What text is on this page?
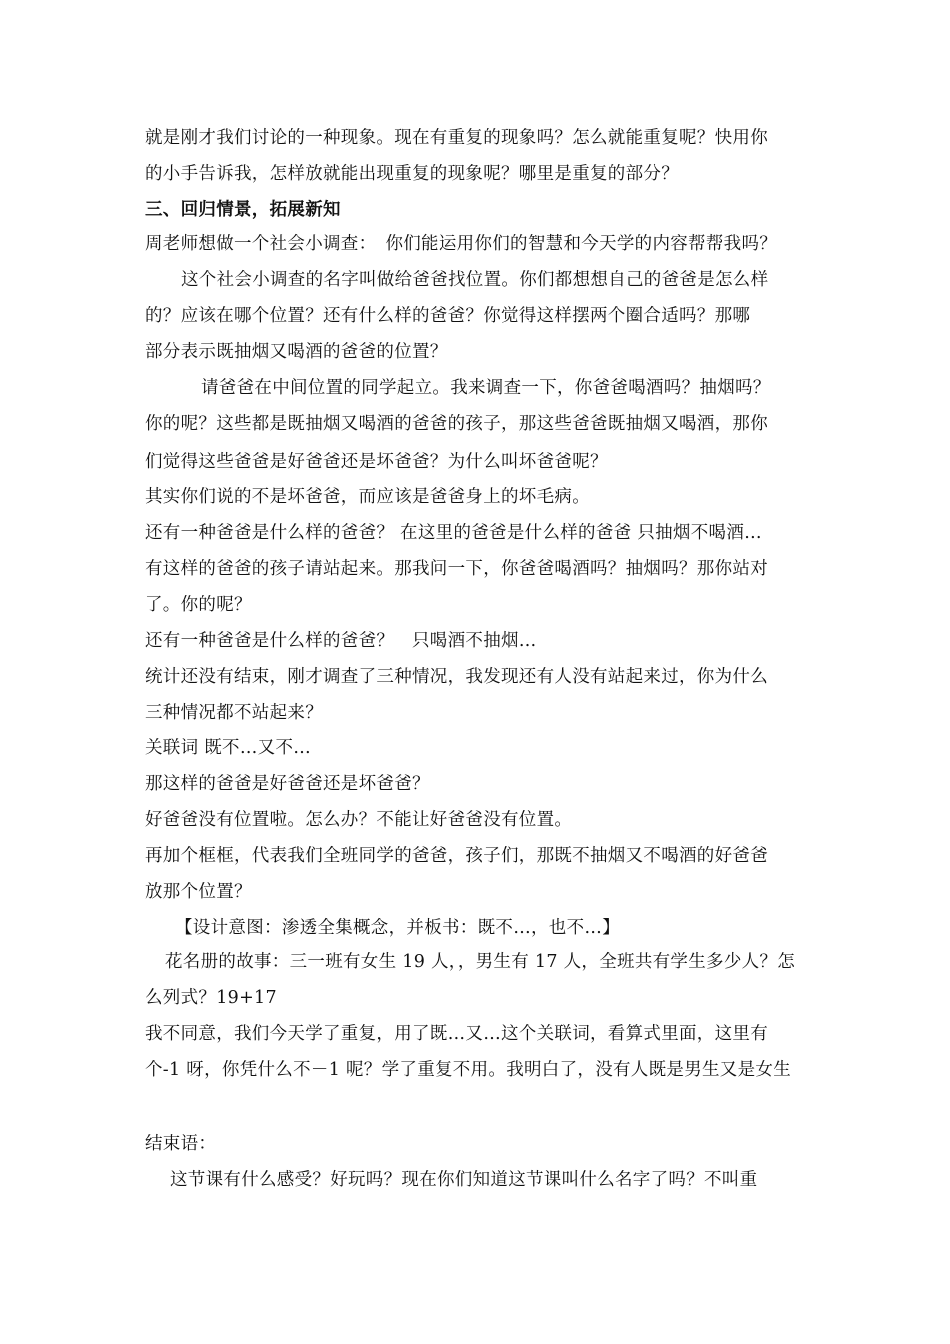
就是刚才我们讨论的一种现象。现在有重复的现象吗？怎么就能重复呢？快用你
的小手告诉我，怎样放就能出现重复的现象呢？哪里是重复的部分？
三、回归情景，拓展新知
周老师想做一个社会小调查：　你们能运用你们的智慧和今天学的内容帮帮我吗？
这个社会小调查的名字叫做给爸爸找位置。你们都想想自己的爸爸是怎么样
的？应该在哪个位置？还有什么样的爸爸？你觉得这样摆两个圈合适吗？那哪
部分表示既抽烟又喝酒的爸爸的位置？
请爸爸在中间位置的同学起立。我来调查一下，你爸爸喝酒吗？抽烟吗？
你的呢？这些都是既抽烟又喝酒的爸爸的孩子，那这些爸爸既抽烟又喝酒，那你
们觉得这些爸爸是好爸爸还是坏爸爸？为什么叫坏爸爸呢？
其实你们说的不是坏爸爸，而应该是爸爸身上的坏毛病。
还有一种爸爸是什么样的爸爸？ 在这里的爸爸是什么样的爸爸 只抽烟不喝酒…
有这样的爸爸的孩子请站起来。那我问一下，你爸爸喝酒吗？抽烟吗？那你站对
了。你的呢？
还有一种爸爸是什么样的爸爸？　只喝酒不抽烟…
统计还没有结束，刚才调查了三种情况，我发现还有人没有站起来过，你为什么
三种情况都不站起来？
关联词 既不…又不…
那这样的爸爸是好爸爸还是坏爸爸？
好爸爸没有位置啦。怎么办？不能让好爸爸没有位置。
再加个框框，代表我们全班同学的爸爸，孩子们，那既不抽烟又不喝酒的好爸爸
放那个位置？
【设计意图：渗透全集概念，并板书：既不…，也不…】
花名册的故事：三一班有女生 19 人，，男生有 17 人，全班共有学生多少人？怎
么列式？19+17
我不同意，我们今天学了重复，用了既…又…这个关联词，看算式里面，这里有
个-1 呀，你凭什么不－1 呢？学了重复不用。我明白了，没有人既是男生又是女生
结束语：
这节课有什么感受？好玩吗？现在你们知道这节课叫什么名字了吗？不叫重
